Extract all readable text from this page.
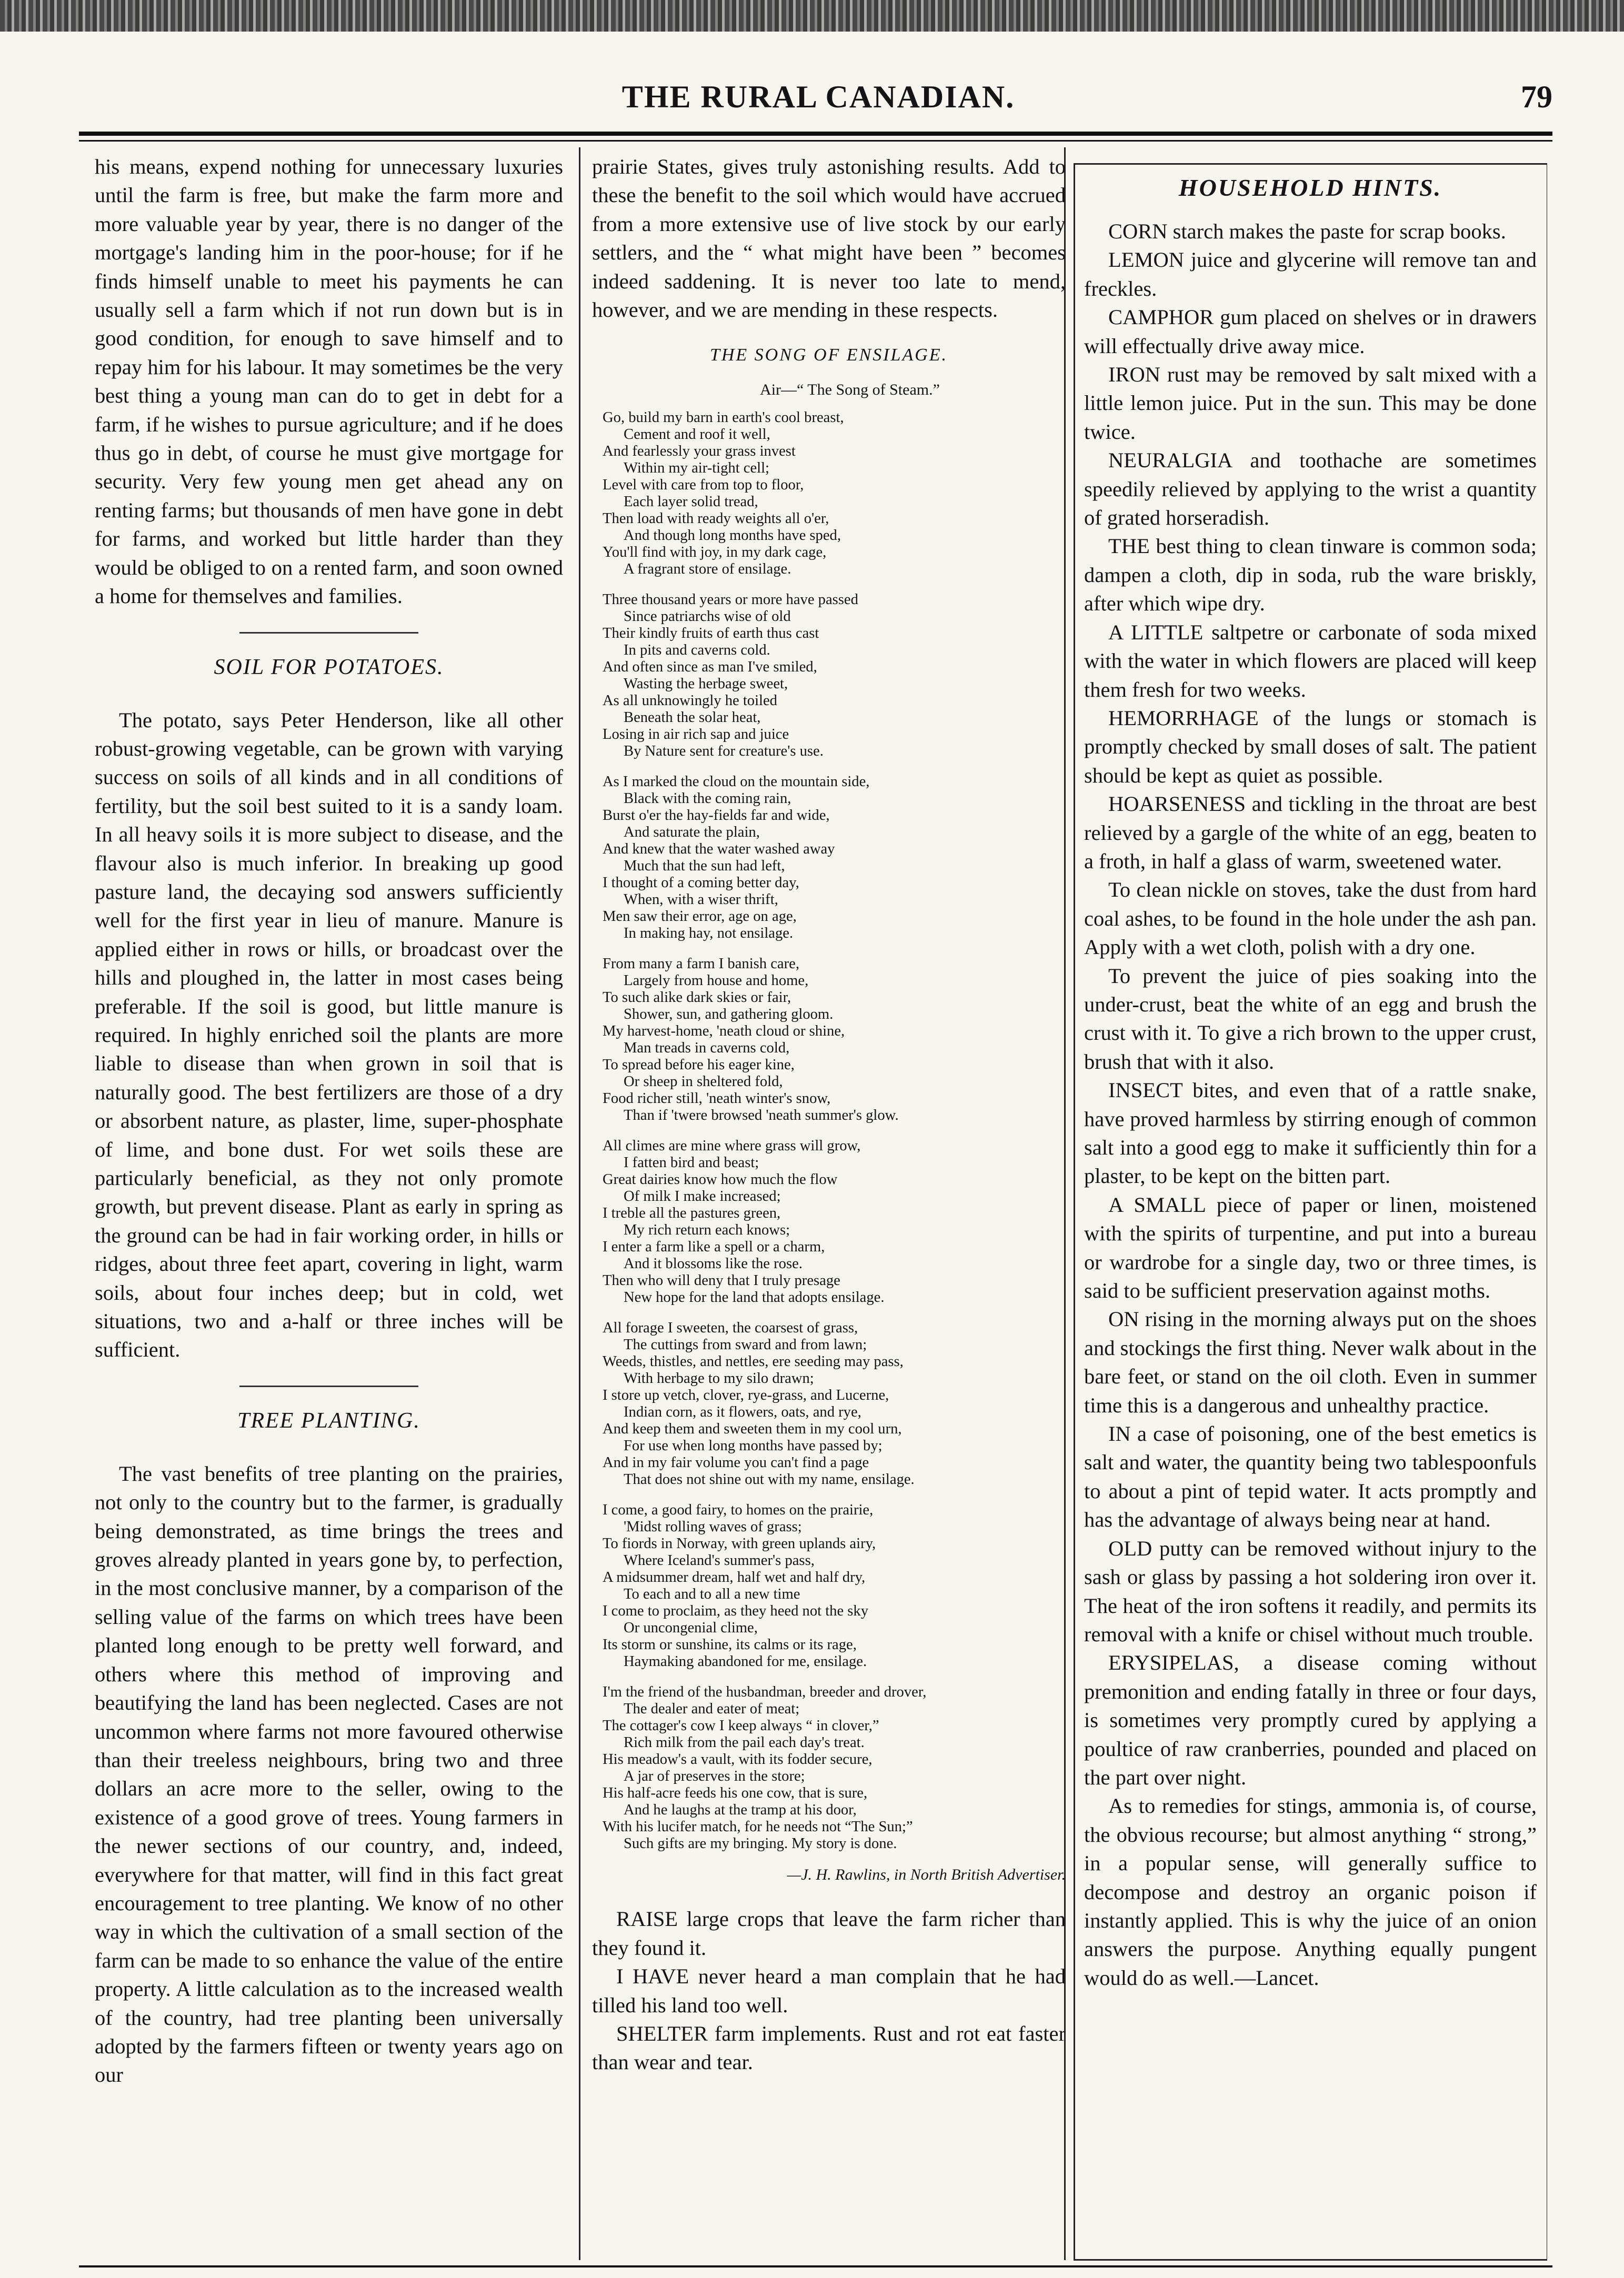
THE RURAL CANADIAN.	79

his means, expend nothing for unnecessary luxuries until the farm is free, but make the farm more and more valuable year by year, there is no danger of the mortgage's landing him in the poor-house; for if he finds himself unable to meet his payments he can usually sell a farm which if not run down but is in good condition, for enough to save himself and to repay him for his labour. It may sometimes be the very best thing a young man can do to get in debt for a farm, if he wishes to pursue agriculture; and if he does thus go in debt, of course he must give mortgage for security. Very few young men get ahead any on renting farms; but thousands of men have gone in debt for farms, and worked but little harder than they would be obliged to on a rented farm, and soon owned a home for themselves and families.

SOIL FOR POTATOES.

The potato, says Peter Henderson, like all other robust-growing vegetable, can be grown with varying success on soils of all kinds and in all conditions of fertility, but the soil best suited to it is a sandy loam. In all heavy soils it is more subject to disease, and the flavour also is much inferior. In breaking up good pasture land, the decaying sod answers sufficiently well for the first year in lieu of manure. Manure is applied either in rows or hills, or broadcast over the hills and ploughed in, the latter in most cases being preferable. If the soil is good, but little manure is required. In highly enriched soil the plants are more liable to disease than when grown in soil that is naturally good. The best fertilizers are those of a dry or absorbent nature, as plaster, lime, super-phosphate of lime, and bone dust. For wet soils these are particularly beneficial, as they not only promote growth, but prevent disease. Plant as early in spring as the ground can be had in fair working order, in hills or ridges, about three feet apart, covering in light, warm soils, about four inches deep; but in cold, wet situations, two and a-half or three inches will be sufficient.

TREE PLANTING.

The vast benefits of tree planting on the prairies, not only to the country but to the farmer, is gradually being demonstrated, as time brings the trees and groves already planted in years gone by, to perfection, in the most conclusive manner, by a comparison of the selling value of the farms on which trees have been planted long enough to be pretty well forward, and others where this method of improving and beautifying the land has been neglected. Cases are not uncommon where farms not more favoured otherwise than their treeless neighbours, bring two and three dollars an acre more to the seller, owing to the existence of a good grove of trees. Young farmers in the newer sections of our country, and, indeed, everywhere for that matter, will find in this fact great encouragement to tree planting. We know of no other way in which the cultivation of a small section of the farm can be made to so enhance the value of the entire property. A little calculation as to the increased wealth of the country, had tree planting been universally adopted by the farmers fifteen or twenty years ago on our

prairie States, gives truly astonishing results. Add to these the benefit to the soil which would have accrued from a more extensive use of live stock by our early settlers, and the “ what might have been ” becomes indeed saddening. It is never too late to mend, however, and we are mending in these respects.

THE SONG OF ENSILAGE.
Air—“ The Song of Steam.”
Go, build my barn in earth's cool breast,
Cement and roof it well,
And fearlessly your grass invest
Within my air-tight cell;
Level with care from top to floor,
Each layer solid tread,
Then load with ready weights all o'er,
And though long months have sped,
You'll find with joy, in my dark cage,
A fragrant store of ensilage.
Three thousand years or more have passed
Since patriarchs wise of old
Their kindly fruits of earth thus cast
In pits and caverns cold.
And often since as man I've smiled,
Wasting the herbage sweet,
As all unknowingly he toiled
Beneath the solar heat,
Losing in air rich sap and juice
By Nature sent for creature's use.
As I marked the cloud on the mountain side,
Black with the coming rain,
Burst o'er the hay-fields far and wide,
And saturate the plain,
And knew that the water washed away
Much that the sun had left,
I thought of a coming better day,
When, with a wiser thrift,
Men saw their error, age on age,
In making hay, not ensilage.
From many a farm I banish care,
Largely from house and home,
To such alike dark skies or fair,
Shower, sun, and gathering gloom.
My harvest-home, 'neath cloud or shine,
Man treads in caverns cold,
To spread before his eager kine,
Or sheep in sheltered fold,
Food richer still, 'neath winter's snow,
Than if 'twere browsed 'neath summer's glow.
All climes are mine where grass will grow,
I fatten bird and beast;
Great dairies know how much the flow
Of milk I make increased;
I treble all the pastures green,
My rich return each knows;
I enter a farm like a spell or a charm,
And it blossoms like the rose.
Then who will deny that I truly presage
New hope for the land that adopts ensilage.
All forage I sweeten, the coarsest of grass,
The cuttings from sward and from lawn;
Weeds, thistles, and nettles, ere seeding may pass,
With herbage to my silo drawn;
I store up vetch, clover, rye-grass, and Lucerne,
Indian corn, as it flowers, oats, and rye,
And keep them and sweeten them in my cool urn,
For use when long months have passed by;
And in my fair volume you can't find a page
That does not shine out with my name, ensilage.
I come, a good fairy, to homes on the prairie,
'Midst rolling waves of grass;
To fiords in Norway, with green uplands airy,
Where Iceland's summer's pass,
A midsummer dream, half wet and half dry,
To each and to all a new time
I come to proclaim, as they heed not the sky
Or uncongenial clime,
Its storm or sunshine, its calms or its rage,
Haymaking abandoned for me, ensilage.
I'm the friend of the husbandman, breeder and drover,
The dealer and eater of meat;
The cottager's cow I keep always “ in clover,”
Rich milk from the pail each day's treat.
His meadow's a vault, with its fodder secure,
A jar of preserves in the store;
His half-acre feeds his one cow, that is sure,
And he laughs at the tramp at his door,
With his lucifer match, for he needs not “The Sun;”
Such gifts are my bringing. My story is done.
—J. H. Rawlins, in North British Advertiser.

RAISE large crops that leave the farm richer than they found it.

I HAVE never heard a man complain that he had tilled his land too well.

SHELTER farm implements. Rust and rot eat faster than wear and tear.

HOUSEHOLD HINTS.

CORN starch makes the paste for scrap books.

LEMON juice and glycerine will remove tan and freckles.

CAMPHOR gum placed on shelves or in drawers will effectually drive away mice.

IRON rust may be removed by salt mixed with a little lemon juice. Put in the sun. This may be done twice.

NEURALGIA and toothache are sometimes speedily relieved by applying to the wrist a quantity of grated horseradish.

THE best thing to clean tinware is common soda; dampen a cloth, dip in soda, rub the ware briskly, after which wipe dry.

A LITTLE saltpetre or carbonate of soda mixed with the water in which flowers are placed will keep them fresh for two weeks.

HEMORRHAGE of the lungs or stomach is promptly checked by small doses of salt. The patient should be kept as quiet as possible.

HOARSENESS and tickling in the throat are best relieved by a gargle of the white of an egg, beaten to a froth, in half a glass of warm, sweetened water.

To clean nickle on stoves, take the dust from hard coal ashes, to be found in the hole under the ash pan. Apply with a wet cloth, polish with a dry one.

To prevent the juice of pies soaking into the under-crust, beat the white of an egg and brush the crust with it. To give a rich brown to the upper crust, brush that with it also.

INSECT bites, and even that of a rattle snake, have proved harmless by stirring enough of common salt into a good egg to make it sufficiently thin for a plaster, to be kept on the bitten part.

A SMALL piece of paper or linen, moistened with the spirits of turpentine, and put into a bureau or wardrobe for a single day, two or three times, is said to be sufficient preservation against moths.

ON rising in the morning always put on the shoes and stockings the first thing. Never walk about in the bare feet, or stand on the oil cloth. Even in summer time this is a dangerous and unhealthy practice.

IN a case of poisoning, one of the best emetics is salt and water, the quantity being two tablespoonfuls to about a pint of tepid water. It acts promptly and has the advantage of always being near at hand.

OLD putty can be removed without injury to the sash or glass by passing a hot soldering iron over it. The heat of the iron softens it readily, and permits its removal with a knife or chisel without much trouble.

ERYSIPELAS, a disease coming without premonition and ending fatally in three or four days, is sometimes very promptly cured by applying a poultice of raw cranberries, pounded and placed on the part over night.

As to remedies for stings, ammonia is, of course, the obvious recourse; but almost anything “ strong,” in a popular sense, will generally suffice to decompose and destroy an organic poison if instantly applied. This is why the juice of an onion answers the purpose. Anything equally pungent would do as well.—Lancet.
